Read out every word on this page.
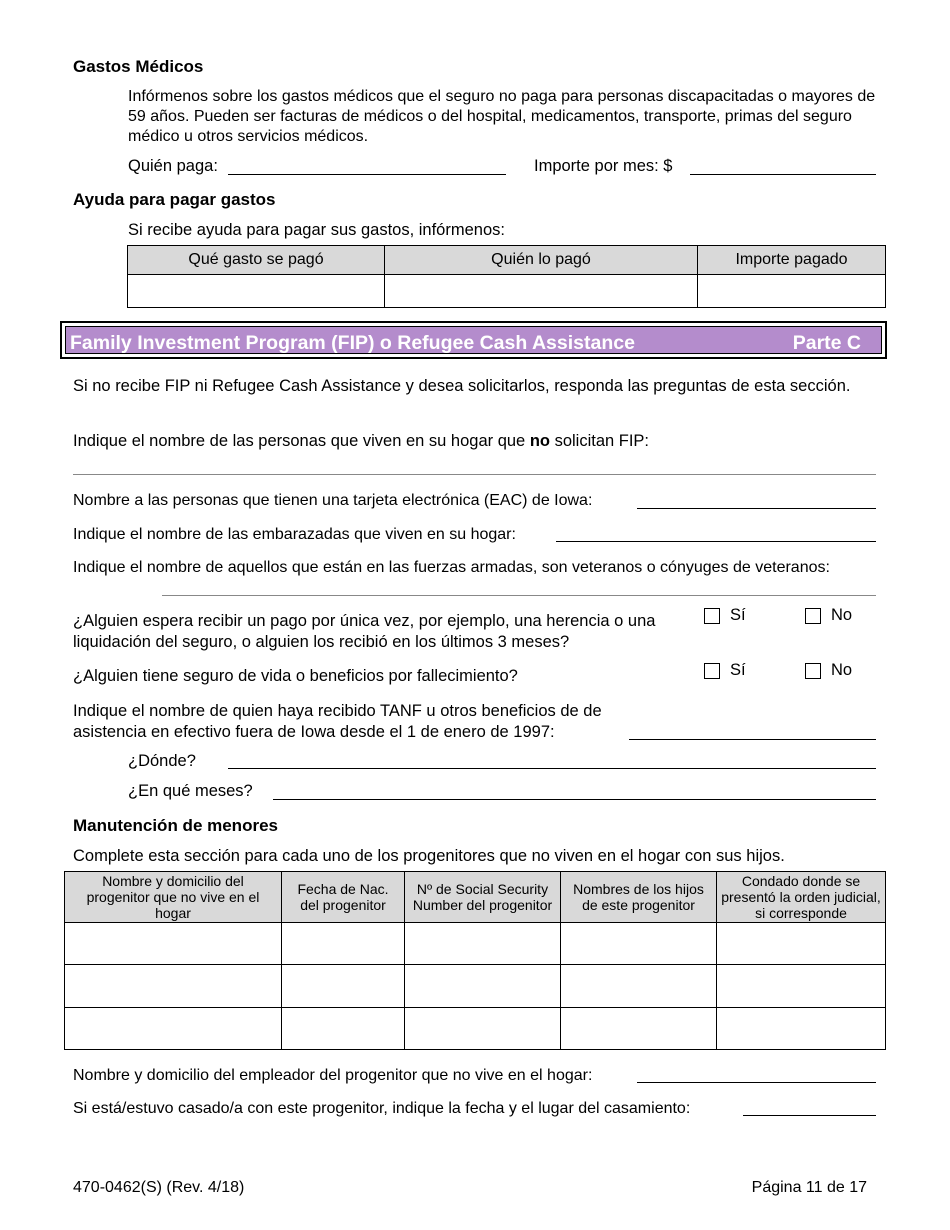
Gastos Médicos
Infórmenos sobre los gastos médicos que el seguro no paga para personas discapacitadas o mayores de 59 años. Pueden ser facturas de médicos o del hospital, medicamentos, transporte, primas del seguro médico u otros servicios médicos.
Quién paga:	Importe por mes: $
Ayuda para pagar gastos
Si recibe ayuda para pagar sus gastos, infórmenos:
Qué gasto se pagó	Quién lo pagó	Importe pagado

Family Investment Program (FIP) o Refugee Cash Assistance	Parte C
Si no recibe FIP ni Refugee Cash Assistance y desea solicitarlos, responda las preguntas de esta sección.
Indique el nombre de las personas que viven en su hogar que no solicitan FIP:
Nombre a las personas que tienen una tarjeta electrónica (EAC) de Iowa:
Indique el nombre de las embarazadas que viven en su hogar:
Indique el nombre de aquellos que están en las fuerzas armadas, son veteranos o cónyuges de veteranos:
¿Alguien espera recibir un pago por única vez, por ejemplo, una herencia o una liquidación del seguro, o alguien los recibió en los últimos 3 meses?
Sí	No
¿Alguien tiene seguro de vida o beneficios por fallecimiento?	Sí	No
Indique el nombre de quien haya recibido TANF u otros beneficios de de asistencia en efectivo fuera de Iowa desde el 1 de enero de 1997:
¿Dónde?
¿En qué meses?
Manutención de menores
Complete esta sección para cada uno de los progenitores que no viven en el hogar con sus hijos.
Nombre y domicilio del progenitor que no vive en el hogar	Fecha de Nac. del progenitor	Nº de Social Security Number del progenitor	Nombres de los hijos de este progenitor	Condado donde se presentó la orden judicial, si corresponde

Nombre y domicilio del empleador del progenitor que no vive en el hogar:
Si está/estuvo casado/a con este progenitor, indique la fecha y el lugar del casamiento:
470-0462(S) (Rev. 4/18)	Página 11 de 17
